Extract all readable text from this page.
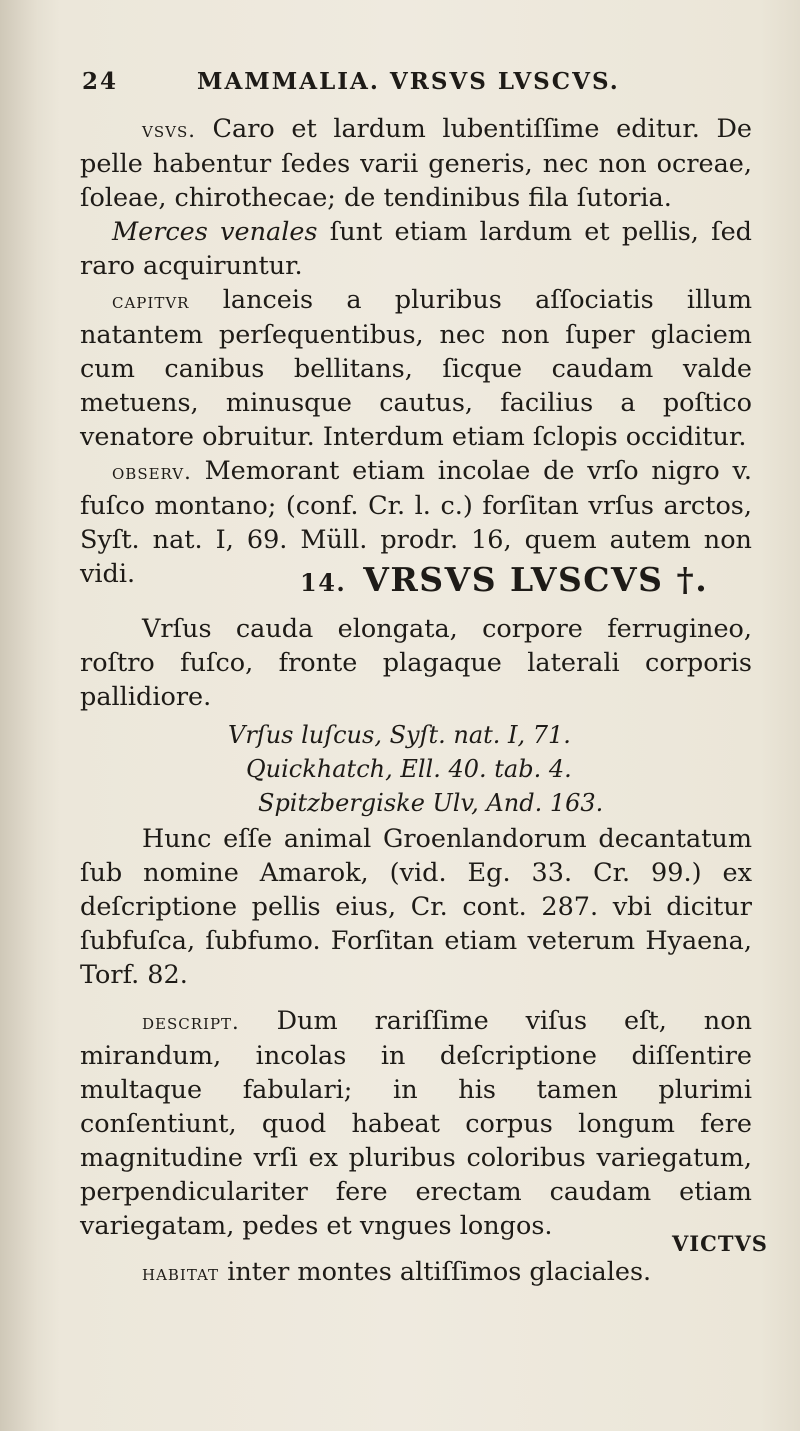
24	MAMMALIA. VRSVS LVSCVS.

vsvs. Caro et lardum lubentiſſime editur. De pelle habentur ſedes varii generis, nec non ocreae, ſoleae, chirothecae; de tendinibus fila ſutoria.

Merces venales ſunt etiam lardum et pellis, ſed raro acquiruntur.

capitvr lanceis a pluribus aſſociatis illum natantem perſequentibus, nec non ſuper glaciem cum canibus bellitans, ſicque caudam valde metuens, minusque cautus, facilius a poſtico venatore obruitur. Interdum etiam ſclopis occiditur.

observ. Memorant etiam incolae de vrſo nigro v. fuſco montano; (conf. Cr. l. c.) forſitan vrſus arctos, Syſt. nat. I, 69. Müll. prodr. 16, quem autem non vidi.	14. VRSVS LVSCVS †.

Vrſus cauda elongata, corpore ferrugineo, roſtro fuſco, fronte plagaque laterali corporis pallidiore.

Vrſus luſcus, Syſt. nat. I, 71.
Quickhatch, Ell. 40. tab. 4.
Spitzbergiske Ulv, And. 163.

Hunc eſſe animal Groenlandorum decantatum ſub nomine Amarok, (vid. Eg. 33. Cr. 99.) ex deſcriptione pellis eius, Cr. cont. 287. vbi dicitur ſubfuſca, ſubfumo. Forſitan etiam veterum Hyaena, Torf. 82.

descript. Dum rariſſime viſus eſt, non mirandum, incolas in deſcriptione diſſentire multaque fabulari; in his tamen plurimi conſentiunt, quod habeat corpus longum fere magnitudine vrſi ex pluribus coloribus variegatum, perpendiculariter fere erectam caudam etiam variegatam, pedes et vngues longos.

habitat inter montes altiſſimos glaciales.

VICTVS
